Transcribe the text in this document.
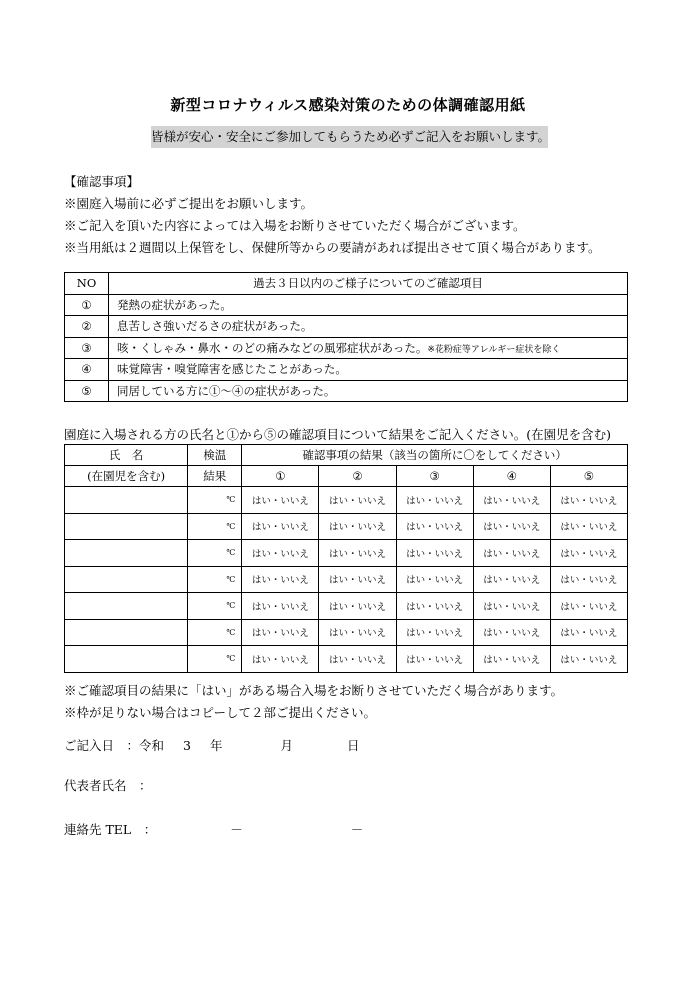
新型コロナウィルス感染対策のための体調確認用紙
皆様が安心・安全にご参加してもらうため必ずご記入をお願いします。
【確認事項】
※園庭入場前に必ずご提出をお願いします。
※ご記入を頂いた内容によっては入場をお断りさせていただく場合がございます。
※当用紙は２週間以上保管をし、保健所等からの要請があれば提出させて頂く場合があります。
NO	過去３日以内のご様子についてのご確認項目
①	発熱の症状があった。
②	息苦しさ強いだるさの症状があった。
③	咳・くしゃみ・鼻水・のどの痛みなどの風邪症状があった。※花粉症等アレルギー症状を除く
④	味覚障害・嗅覚障害を感じたことがあった。
⑤	同居している方に①～④の症状があった。
園庭に入場される方の氏名と①から⑤の確認項目について結果をご記入ください。(在園児を含む)
氏　名	検温	確認事項の結果（該当の箇所に〇をしてください）				
(在園児を含む)	結果	①	②	③	④	⑤
	℃	はい・いいえ	はい・いいえ	はい・いいえ	はい・いいえ	はい・いいえ
	℃	はい・いいえ	はい・いいえ	はい・いいえ	はい・いいえ	はい・いいえ
	℃	はい・いいえ	はい・いいえ	はい・いいえ	はい・いいえ	はい・いいえ
	℃	はい・いいえ	はい・いいえ	はい・いいえ	はい・いいえ	はい・いいえ
	℃	はい・いいえ	はい・いいえ	はい・いいえ	はい・いいえ	はい・いいえ
	℃	はい・いいえ	はい・いいえ	はい・いいえ	はい・いいえ	はい・いいえ
	℃	はい・いいえ	はい・いいえ	はい・いいえ	はい・いいえ	はい・いいえ
※ご確認項目の結果に「はい」がある場合入場をお断りさせていただく場合があります。
※枠が足りない場合はコピーして２部ご提出ください。
ご記入日　：令和 3 年	月	日
代表者氏名　：
連絡先 TEL　：	－	－
